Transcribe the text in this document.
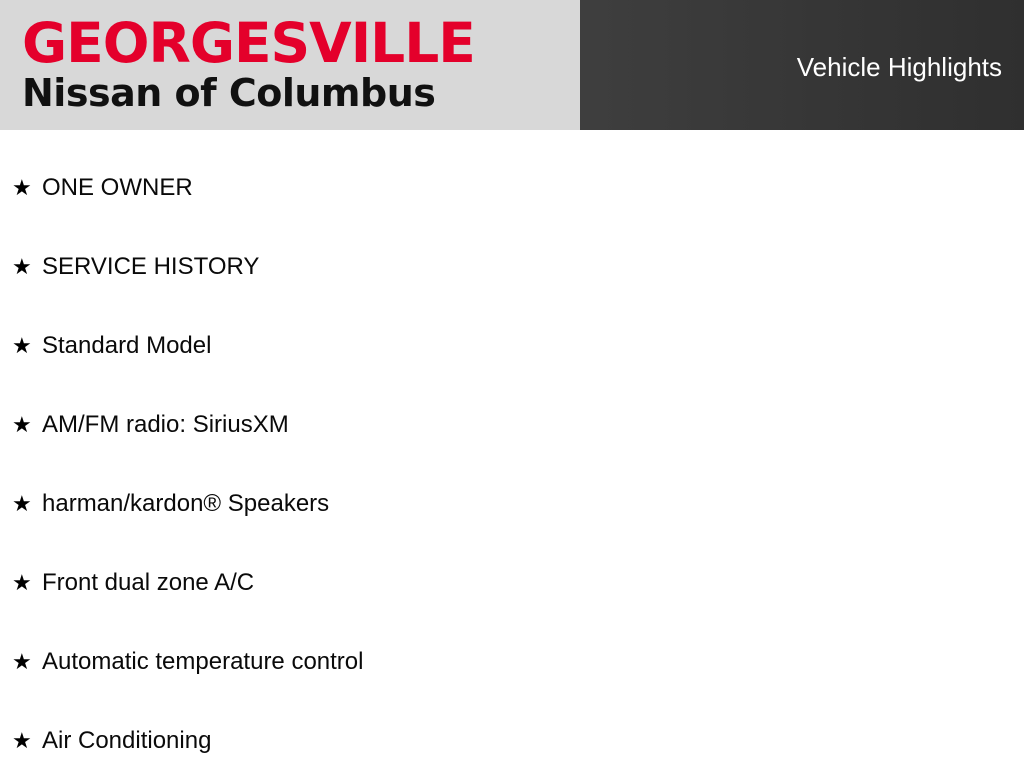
GEORGESVILLE
Nissan of Columbus
Vehicle Highlights
★ ONE OWNER
★ SERVICE HISTORY
★ Standard Model
★ AM/FM radio: SiriusXM
★ harman/kardon® Speakers
★ Front dual zone A/C
★ Automatic temperature control
★ Air Conditioning
